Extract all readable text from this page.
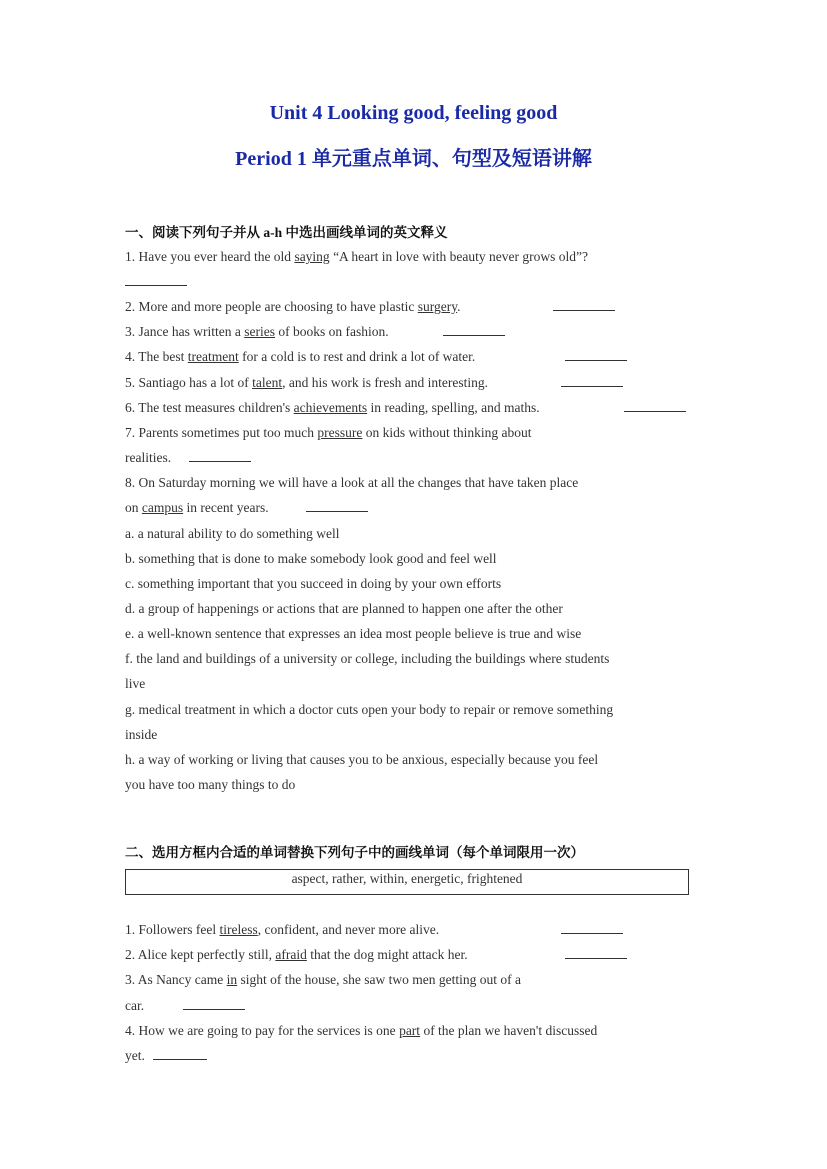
Unit 4 Looking good, feeling good
Period 1 单元重点单词、句型及短语讲解
一、阅读下列句子并从 a-h 中选出画线单词的英文释义
1. Have you ever heard the old saying “A heart in love with beauty never grows old”?
2. More and more people are choosing to have plastic surgery.
3. Jance has written a series of books on fashion.
4. The best treatment for a cold is to rest and drink a lot of water.
5. Santiago has a lot of talent, and his work is fresh and interesting.
6. The test measures children's achievements in reading, spelling, and maths.
7. Parents sometimes put too much pressure on kids without thinking about
realities.
8. On Saturday morning we will have a look at all the changes that have taken place
on campus in recent years.
a. a natural ability to do something well
b. something that is done to make somebody look good and feel well
c. something important that you succeed in doing by your own efforts
d. a group of happenings or actions that are planned to happen one after the other
e. a well-known sentence that expresses an idea most people believe is true and wise
f. the land and buildings of a university or college, including the buildings where students
live
g. medical treatment in which a doctor cuts open your body to repair or remove something
inside
h. a way of working or living that causes you to be anxious, especially because you feel
you have too many things to do
二、选用方框内合适的单词替换下列句子中的画线单词（每个单词限用一次）
aspect, rather, within, energetic, frightened
1. Followers feel tireless, confident, and never more alive.
2. Alice kept perfectly still, afraid that the dog might attack her.
3. As Nancy came in sight of the house, she saw two men getting out of a
car.
4. How we are going to pay for the services is one part of the plan we haven't discussed
yet.
